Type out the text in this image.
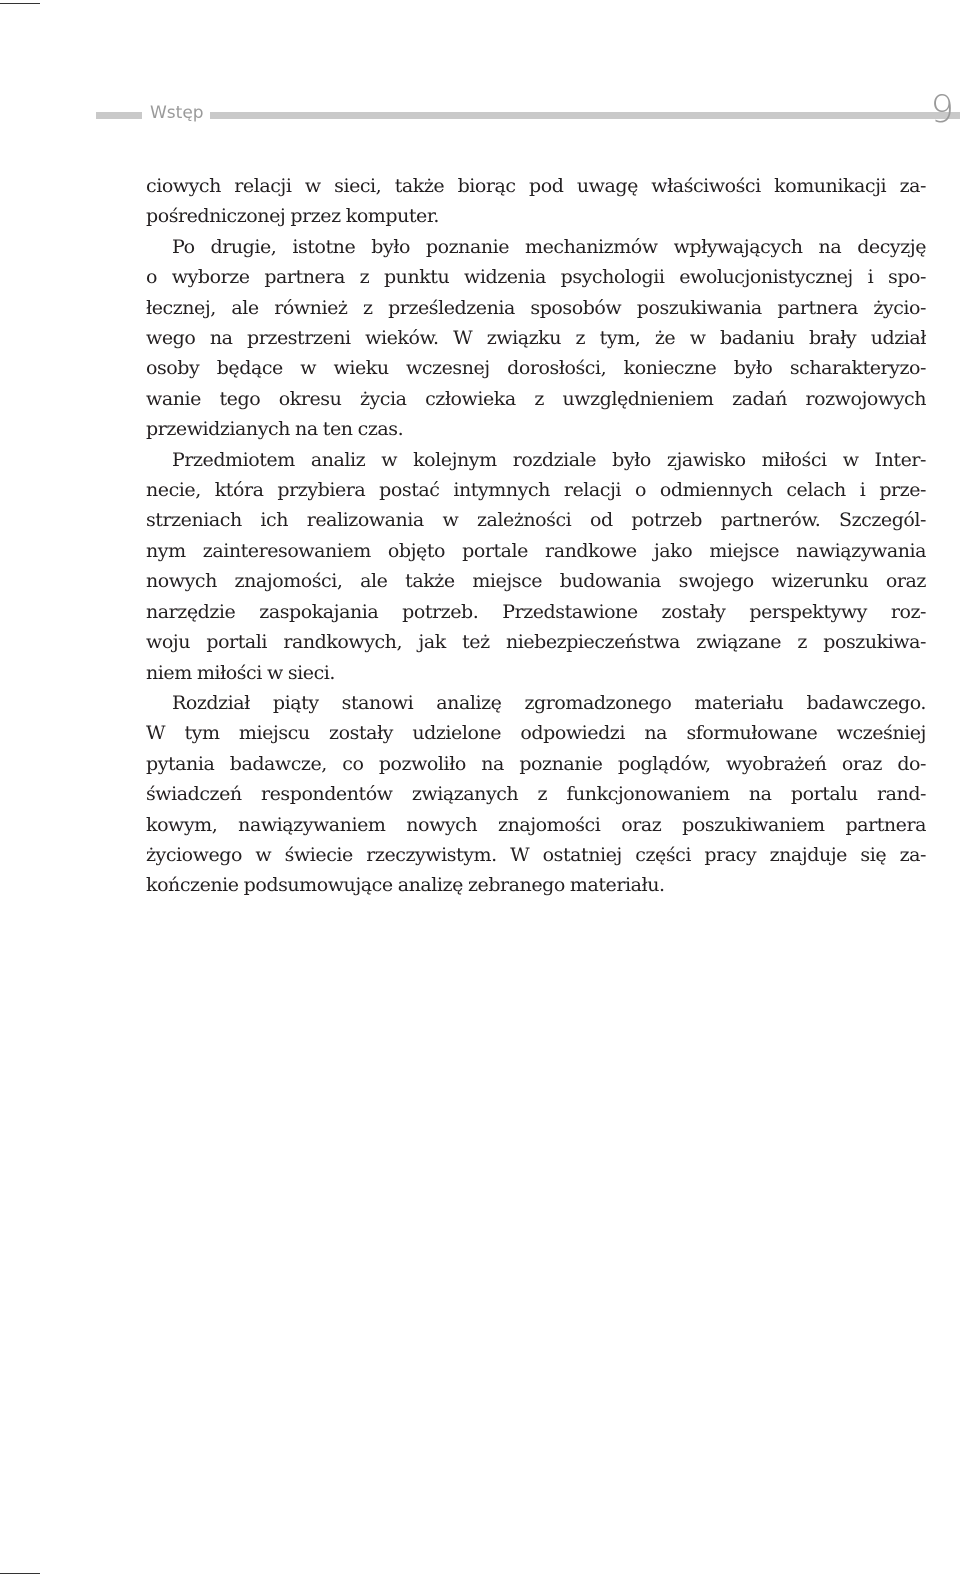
Wstęp	9
ciowych relacji w sieci, także biorąc pod uwagę właściwości komunikacji za-
pośredniczonej przez komputer.
Po drugie, istotne było poznanie mechanizmów wpływających na decyzję
o wyborze partnera z punktu widzenia psychologii ewolucjonistycznej i spo-
łecznej, ale również z prześledzenia sposobów poszukiwania partnera życio-
wego na przestrzeni wieków. W związku z tym, że w badaniu brały udział
osoby będące w wieku wczesnej dorosłości, konieczne było scharakteryzo-
wanie tego okresu życia człowieka z uwzględnieniem zadań rozwojowych
przewidzianych na ten czas.
Przedmiotem analiz w kolejnym rozdziale było zjawisko miłości w Inter-
necie, która przybiera postać intymnych relacji o odmiennych celach i prze-
strzeniach ich realizowania w zależności od potrzeb partnerów. Szczegól-
nym zainteresowaniem objęto portale randkowe jako miejsce nawiązywania
nowych znajomości, ale także miejsce budowania swojego wizerunku oraz
narzędzie zaspokajania potrzeb. Przedstawione zostały perspektywy roz-
woju portali randkowych, jak też niebezpieczeństwa związane z poszukiwa-
niem miłości w sieci.
Rozdział piąty stanowi analizę zgromadzonego materiału badawczego.
W tym miejscu zostały udzielone odpowiedzi na sformułowane wcześniej
pytania badawcze, co pozwoliło na poznanie poglądów, wyobrażeń oraz do-
świadczeń respondentów związanych z funkcjonowaniem na portalu rand-
kowym, nawiązywaniem nowych znajomości oraz poszukiwaniem partnera
życiowego w świecie rzeczywistym. W ostatniej części pracy znajduje się za-
kończenie podsumowujące analizę zebranego materiału.
